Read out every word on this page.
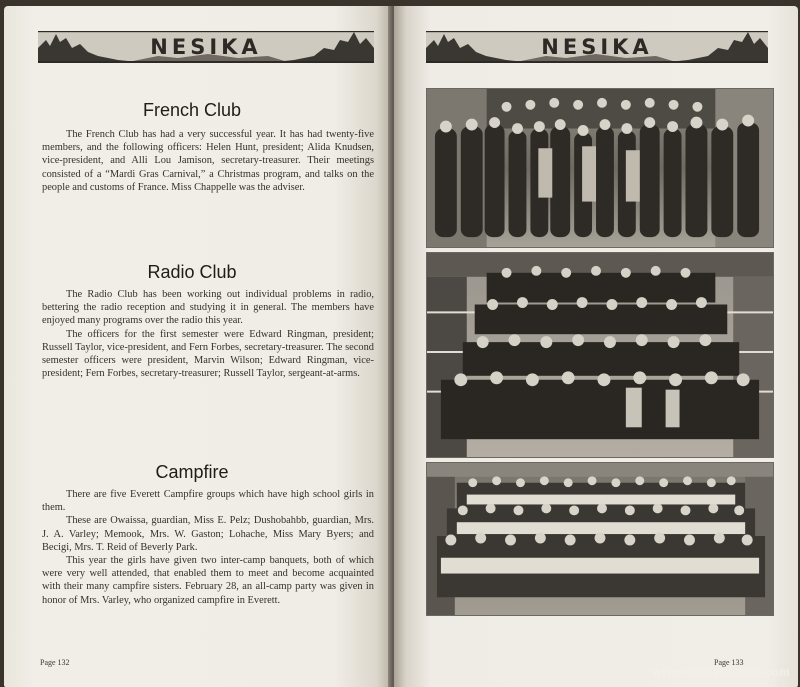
NESIKA
French Club

The French Club has had a very successful year. It has had twenty-five members, and the following officers: Helen Hunt, president; Alida Knudsen, vice-president, and Alli Lou Jamison, secretary-treasurer. Their meetings consisted of a “Mardi Gras Carnival,” a Christmas program, and talks on the people and customs of France. Miss Chappelle was the adviser.

Radio Club

The Radio Club has been working out individual problems in radio, bettering the radio reception and studying it in general. The members have enjoyed many programs over the radio this year.

The officers for the first semester were Edward Ringman, president; Russell Taylor, vice-president, and Fern Forbes, secretary-treasurer. The second semester officers were president, Marvin Wilson; Edward Ringman, vice-president; Fern Forbes, secretary-treasurer; Russell Taylor, sergeant-at-arms.

Campfire

There are five Everett Campfire groups which have high school girls in them.

These are Owaissa, guardian, Miss E. Pelz; Dushobahbb, guardian, Mrs. J. A. Varley; Memook, Mrs. W. Gaston; Lohache, Miss Mary Byers; and Becigi, Mrs. T. Reid of Beverly Park.

This year the girls have given two inter-camp banquets, both of which were very well attended, that enabled them to meet and become acquainted with their many campfire sisters. February 28, an all-camp party was given in honor of Mrs. Varley, who organized campfire in Everett.

Page 132
NESIKA
Page 133
www.thirdstbooks.com
